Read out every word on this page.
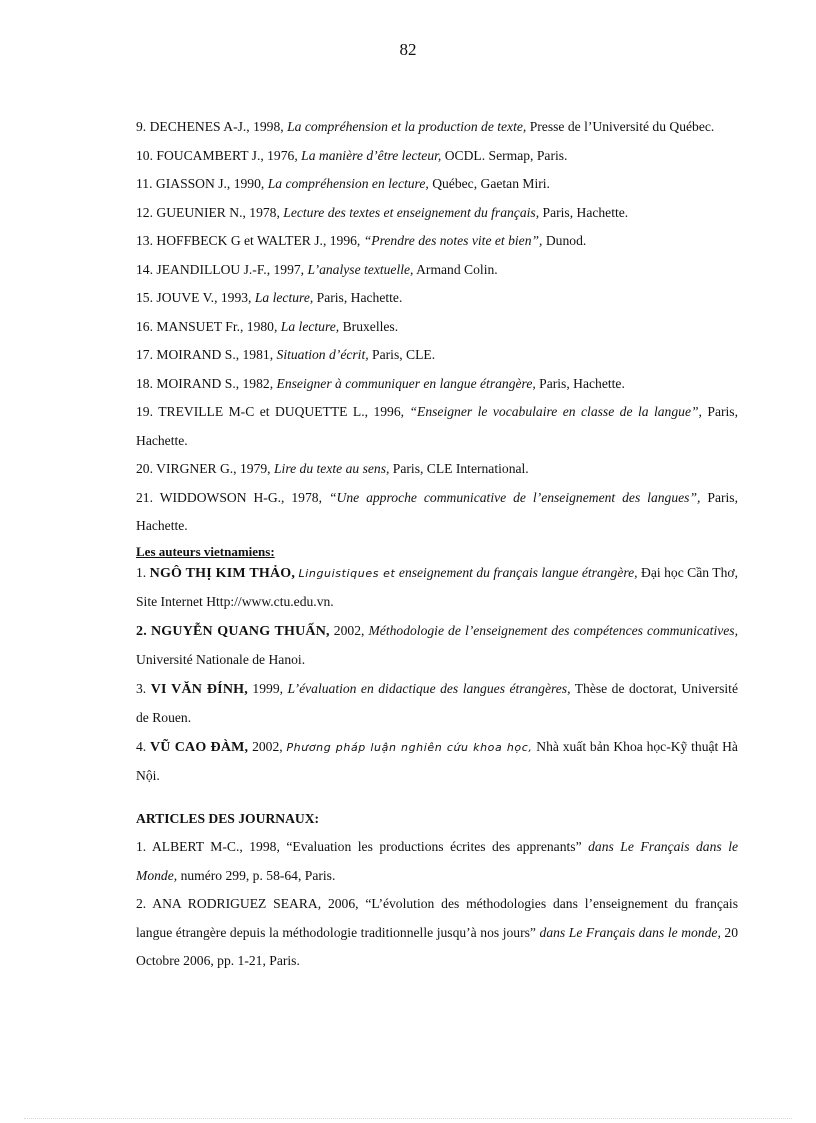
82

9. DECHENES A-J., 1998, La compréhension et la production de texte, Presse de l’Université du Québec.

10. FOUCAMBERT J., 1976, La manière d’être lecteur, OCDL. Sermap, Paris.

11. GIASSON J., 1990, La compréhension en lecture, Québec, Gaetan Miri.

12. GUEUNIER N., 1978, Lecture des textes et enseignement du français, Paris, Hachette.

13. HOFFBECK G et WALTER J., 1996, “Prendre des notes vite et bien”, Dunod.

14. JEANDILLOU J.-F., 1997, L’analyse textuelle, Armand Colin.

15. JOUVE V., 1993, La lecture, Paris, Hachette.

16. MANSUET Fr., 1980, La lecture, Bruxelles.

17. MOIRAND S., 1981, Situation d’écrit, Paris, CLE.

18. MOIRAND S., 1982, Enseigner à communiquer en langue étrangère, Paris, Hachette.

19. TREVILLE M-C et DUQUETTE L., 1996, “Enseigner le vocabulaire en classe de la langue”, Paris, Hachette.

20. VIRGNER G., 1979, Lire du texte au sens, Paris, CLE International.

21. WIDDOWSON H-G., 1978, “Une approche communicative de l’enseignement des langues”, Paris, Hachette.

Les auteurs vietnamiens:

1. NGÔ THỊ KIM THẢO, Linguistiques et enseignement du français langue étrangère, Đại học Cần Thơ, Site Internet Http://www.ctu.edu.vn.

2. NGUYỄN QUANG THUẤN, 2002, Méthodologie de l’enseignement des compétences communicatives, Université Nationale de Hanoi.

3. VI VĂN ĐÍNH, 1999, L’évaluation en didactique des langues étrangères, Thèse de doctorat, Université de Rouen.

4. VŨ CAO ĐÀM, 2002, Phương pháp luận nghiên cứu khoa học, Nhà xuất bản Khoa học-Kỹ thuật Hà Nội.

ARTICLES DES JOURNAUX:

1. ALBERT M-C., 1998, “Evaluation les productions écrites des apprenants” dans Le Français dans le Monde, numéro 299, p. 58-64, Paris.

2. ANA RODRIGUEZ SEARA, 2006, “L’évolution des méthodologies dans l’enseignement du français langue étrangère depuis la méthodologie traditionnelle jusqu’à nos jours” dans Le Français dans le monde, 20 Octobre 2006, pp. 1-21, Paris.
